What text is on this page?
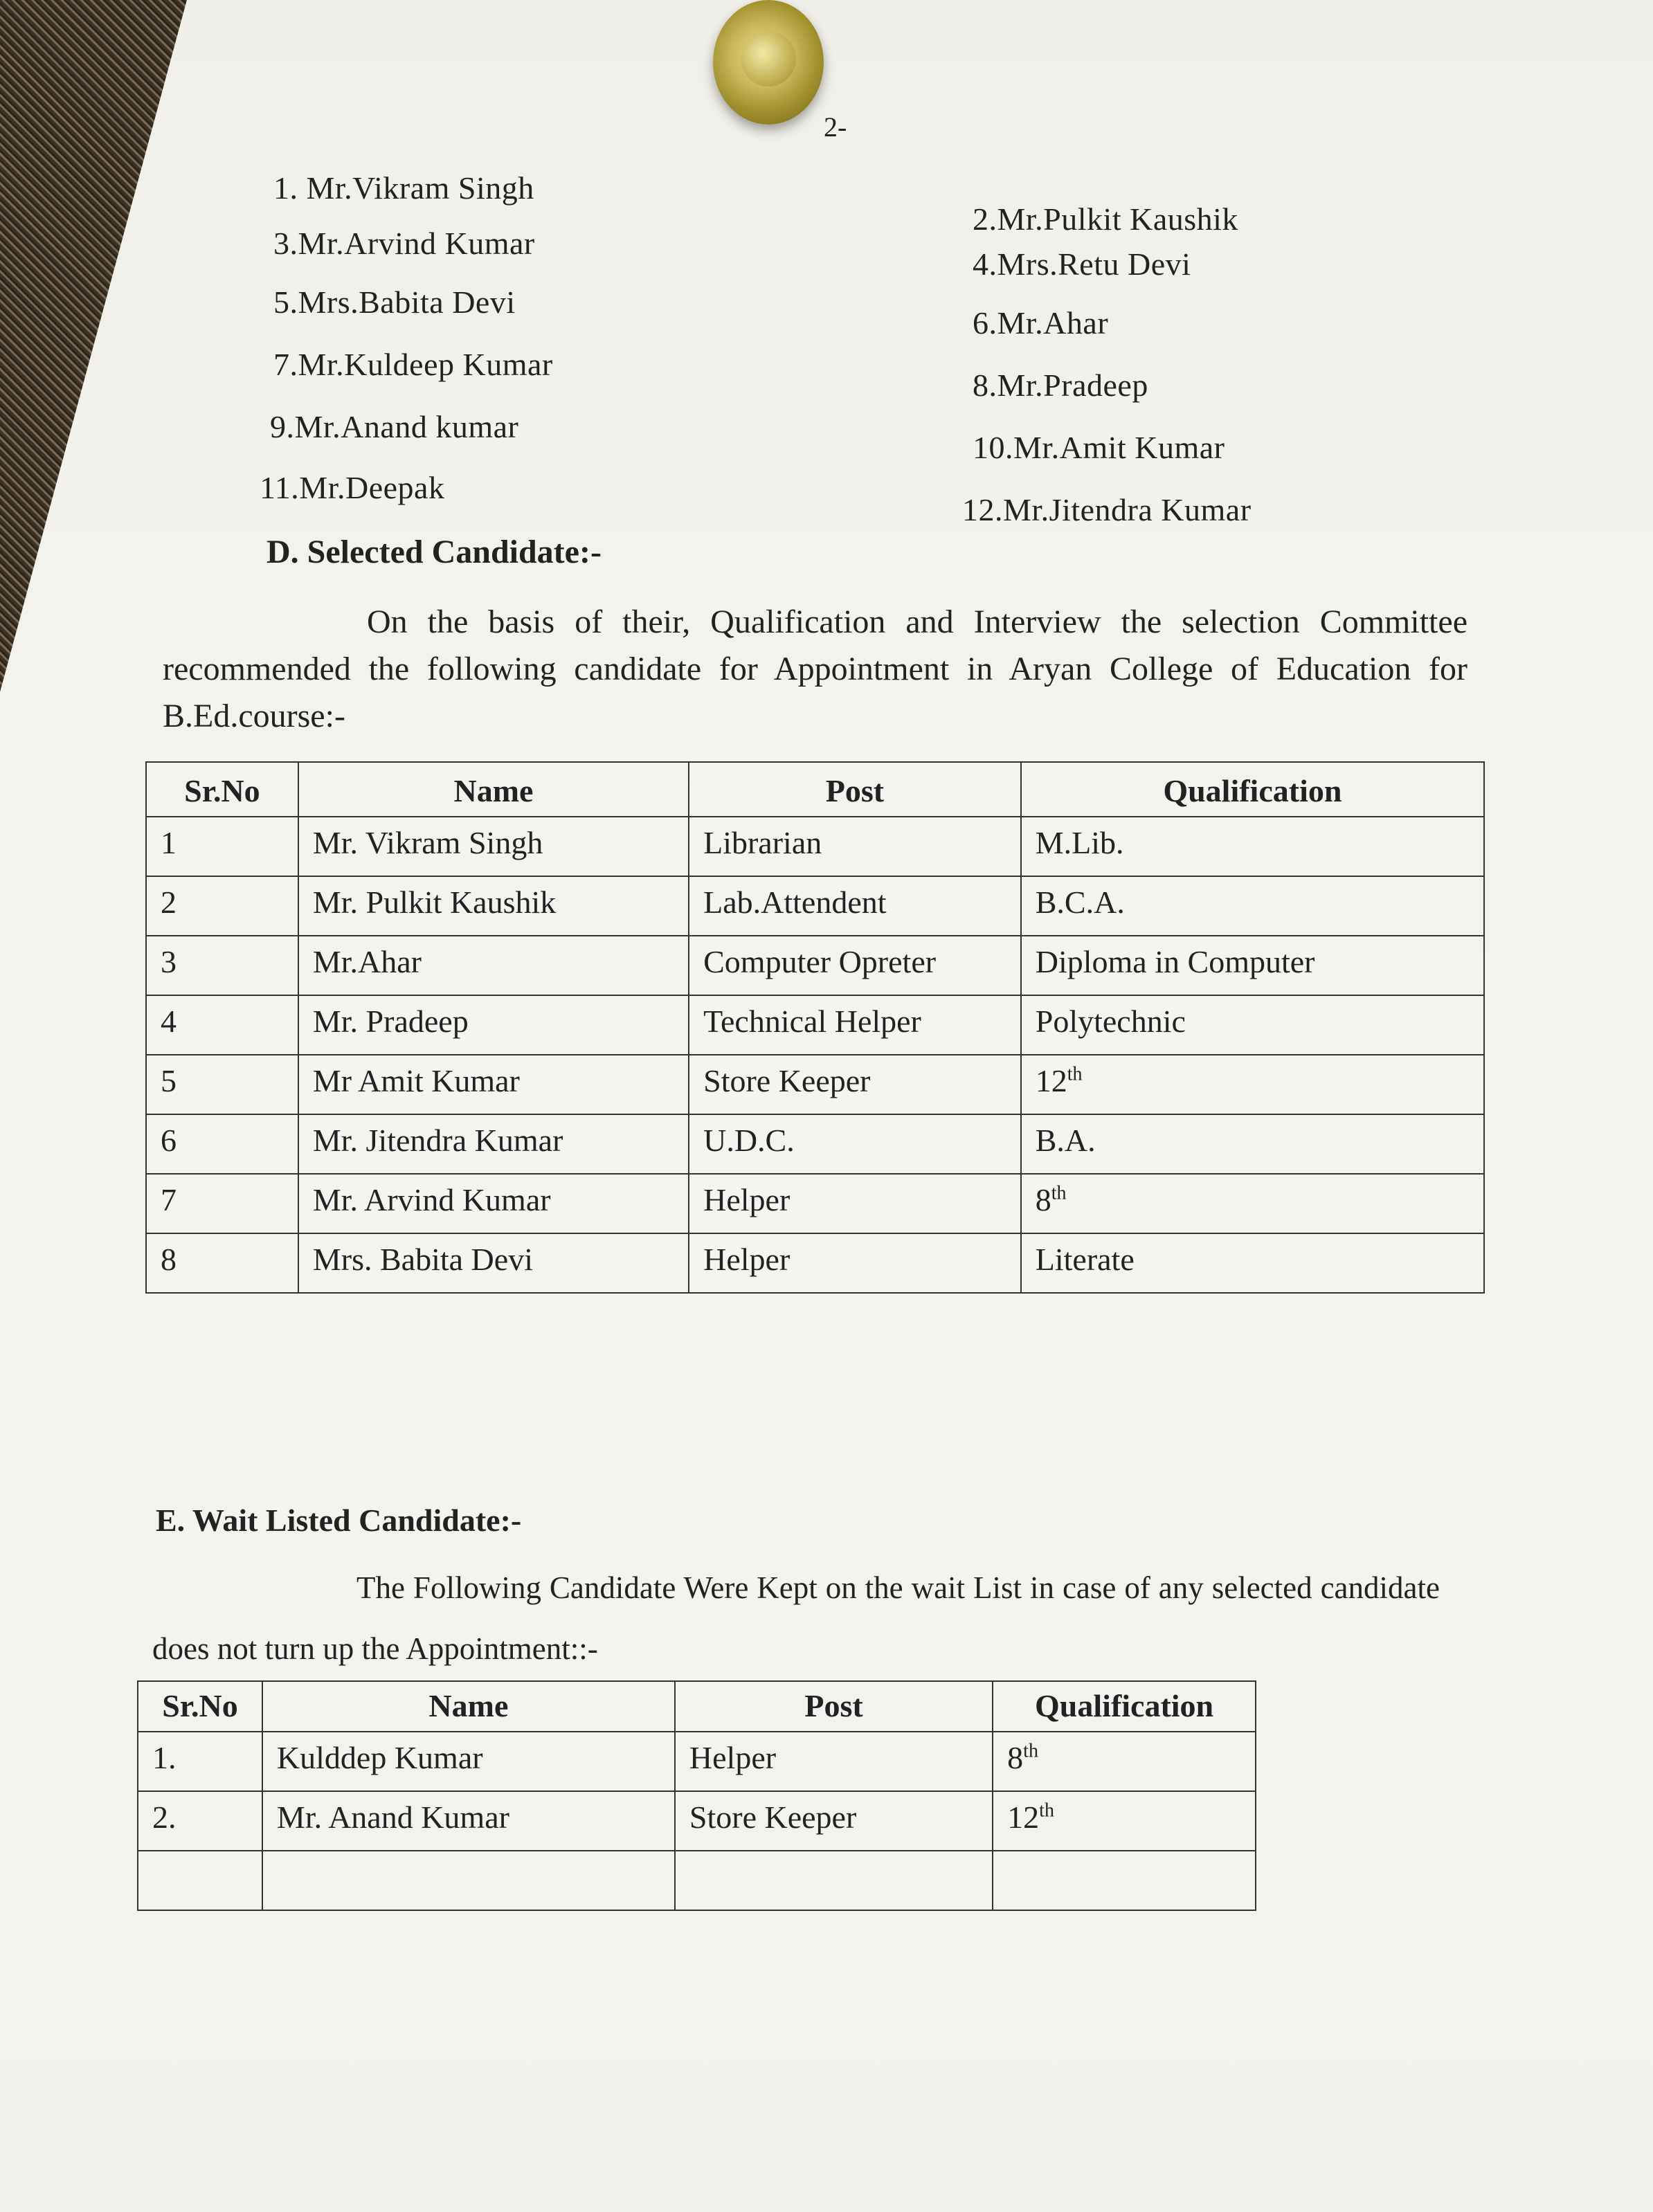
2-
1. Mr.Vikram Singh
2.Mr.Pulkit Kaushik
3.Mr.Arvind Kumar
4.Mrs.Retu Devi
5.Mrs.Babita Devi
6.Mr.Ahar
7.Mr.Kuldeep Kumar
8.Mr.Pradeep
9.Mr.Anand kumar
10.Mr.Amit Kumar
11.Mr.Deepak
12.Mr.Jitendra Kumar
D. Selected Candidate:-
On the basis of their, Qualification and Interview the selection Committee recommended the following candidate for Appointment in Aryan College of Education for B.Ed.course:-
Sr.No	Name	Post	Qualification
1	Mr. Vikram Singh	Librarian	M.Lib.
2	Mr. Pulkit Kaushik	Lab.Attendent	B.C.A.
3	Mr.Ahar	Computer Opreter	Diploma in Computer
4	Mr. Pradeep	Technical Helper	Polytechnic
5	Mr Amit Kumar	Store Keeper	12th
6	Mr. Jitendra Kumar	U.D.C.	B.A.
7	Mr. Arvind Kumar	Helper	8th
8	Mrs. Babita Devi	Helper	Literate
E. Wait Listed Candidate:-
The Following Candidate Were Kept on the wait List in case of any selected candidate does not turn up the Appointment::-
Sr.No	Name	Post	Qualification
1.	Kulddep Kumar	Helper	8th
2.	Mr. Anand Kumar	Store Keeper	12th
